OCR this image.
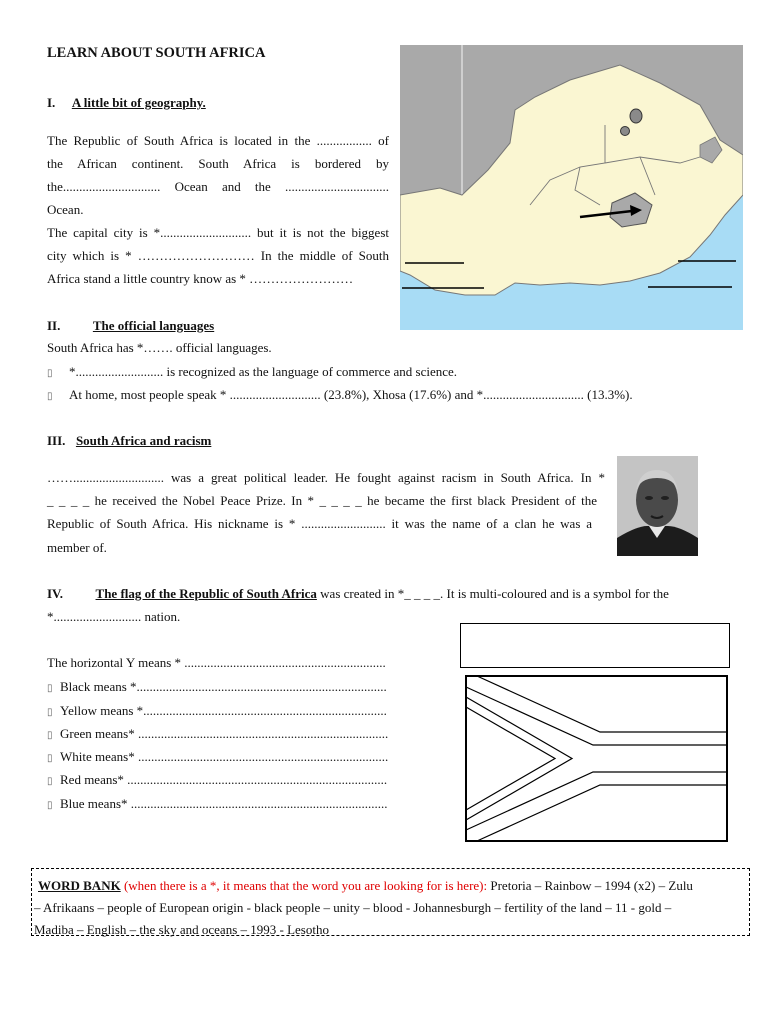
LEARN ABOUT SOUTH AFRICA
I. A little bit of geography.
The Republic of South Africa is located in the ................. of
the African continent. South Africa is bordered by
the.............................. Ocean and the ................................
Ocean.
The capital city is *............................ but it is not the biggest
city which is * ……………………… In the middle of South
Africa stand a little country know as * ……………………
II.	The official languages
South Africa has *……. official languages.
▯ *........................... is recognized as the language of commerce and science.
▯ At home, most people speak * ............................ (23.8%), Xhosa (17.6%) and *............................... (13.3%).
III. South Africa and racism
……............................ was a great political leader. He fought against racism in South Africa. In *
_ _ _ _ he received the Nobel Peace Prize. In * _ _ _ _ he became the first black President of the
Republic of South Africa. His nickname is * .......................... it was the name of a clan he was a
member of.
IV.	The flag of the Republic of South Africa was created in *_ _ _ _. It is multi-coloured and is a symbol for the
*........................... nation.
The horizontal Y means * ..............................................................
▯ Black means *.............................................................................
▯ Yellow means *...........................................................................
▯ Green means* .............................................................................
▯ White means* .............................................................................
▯ Red means* ................................................................................
▯ Blue means* ...............................................................................
WORD BANK (when there is a *, it means that the word you are looking for is here): Pretoria – Rainbow – 1994 (x2) – Zulu
– Afrikaans – people of European origin - black people – unity – blood - Johannesburgh – fertility of the land – 11 - gold –
Madiba – English – the sky and oceans – 1993 - Lesotho
